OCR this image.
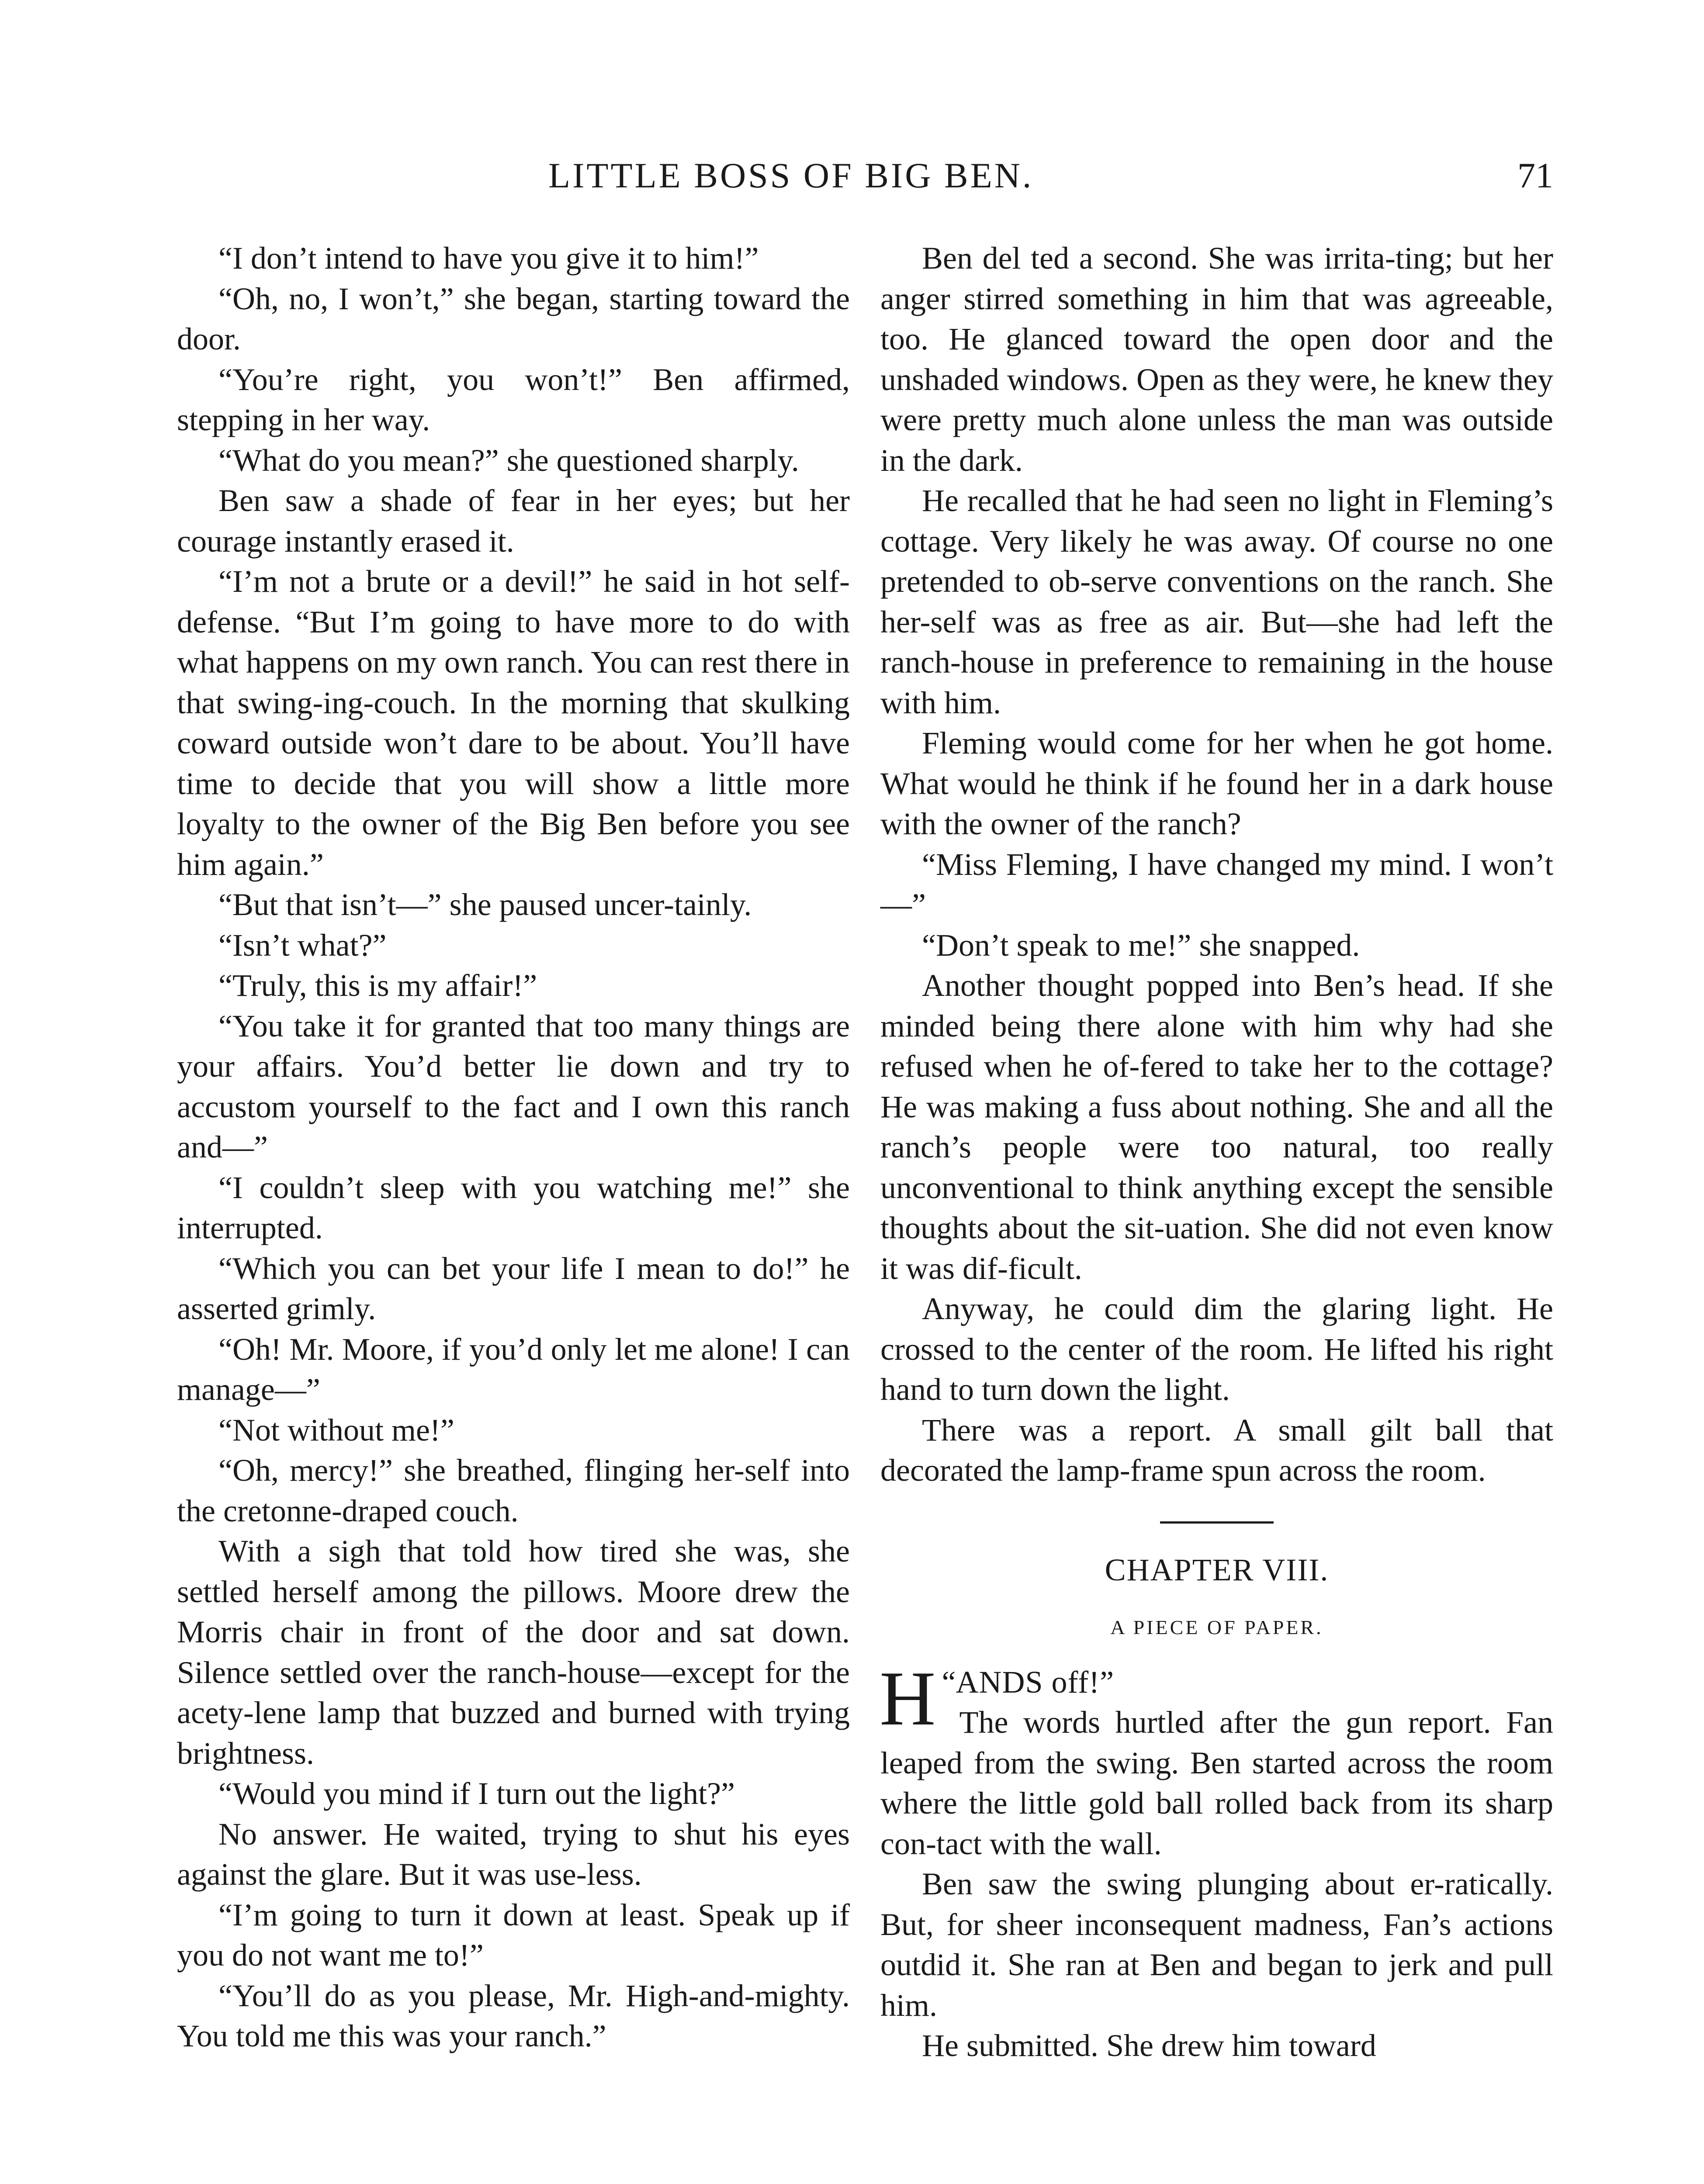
LITTLE BOSS OF BIG BEN.	71

“I don’t intend to have you give it to him!”

“Oh, no, I won’t,” she began, starting toward the door.

“You’re right, you won’t!” Ben affirmed, stepping in her way.

“What do you mean?” she questioned sharply.

Ben saw a shade of fear in her eyes; but her courage instantly erased it.

“I’m not a brute or a devil!” he said in hot self-defense. “But I’m going to have more to do with what happens on my own ranch. You can rest there in that swing-ing-couch. In the morning that skulking coward outside won’t dare to be about. You’ll have time to decide that you will show a little more loyalty to the owner of the Big Ben before you see him again.”

“But that isn’t—” she paused uncer-tainly.

“Isn’t what?”

“Truly, this is my affair!”

“You take it for granted that too many things are your affairs. You’d better lie down and try to accustom yourself to the fact and I own this ranch and—”

“I couldn’t sleep with you watching me!” she interrupted.

“Which you can bet your life I mean to do!” he asserted grimly.

“Oh! Mr. Moore, if you’d only let me alone! I can manage—”

“Not without me!”

“Oh, mercy!” she breathed, flinging her-self into the cretonne-draped couch.

With a sigh that told how tired she was, she settled herself among the pillows. Moore drew the Morris chair in front of the door and sat down. Silence settled over the ranch-house—except for the acety-lene lamp that buzzed and burned with trying brightness.

“Would you mind if I turn out the light?”

No answer. He waited, trying to shut his eyes against the glare. But it was use-less.

“I’m going to turn it down at least. Speak up if you do not want me to!”

“You’ll do as you please, Mr. High-and-mighty. You told me this was your ranch.”

Ben del ted a second. She was irrita-ting; but her anger stirred something in him that was agreeable, too. He glanced toward the open door and the unshaded windows. Open as they were, he knew they were pretty much alone unless the man was outside in the dark.

He recalled that he had seen no light in Fleming’s cottage. Very likely he was away. Of course no one pretended to ob-serve conventions on the ranch. She her-self was as free as air. But—she had left the ranch-house in preference to remaining in the house with him.

Fleming would come for her when he got home. What would he think if he found her in a dark house with the owner of the ranch?

“Miss Fleming, I have changed my mind. I won’t—”

“Don’t speak to me!” she snapped.

Another thought popped into Ben’s head. If she minded being there alone with him why had she refused when he of-fered to take her to the cottage? He was making a fuss about nothing. She and all the ranch’s people were too natural, too really unconventional to think anything except the sensible thoughts about the sit-uation. She did not even know it was dif-ficult.

Anyway, he could dim the glaring light. He crossed to the center of the room. He lifted his right hand to turn down the light.

There was a report. A small gilt ball that decorated the lamp-frame spun across the room.

CHAPTER VIII.
A PIECE OF PAPER.

“
H ANDS off!”
The words hurtled after the gun report. Fan leaped from the swing. Ben started across the room where the little gold ball rolled back from its sharp con-tact with the wall.

Ben saw the swing plunging about er-ratically. But, for sheer inconsequent madness, Fan’s actions outdid it. She ran at Ben and began to jerk and pull him.

He submitted. She drew him toward
